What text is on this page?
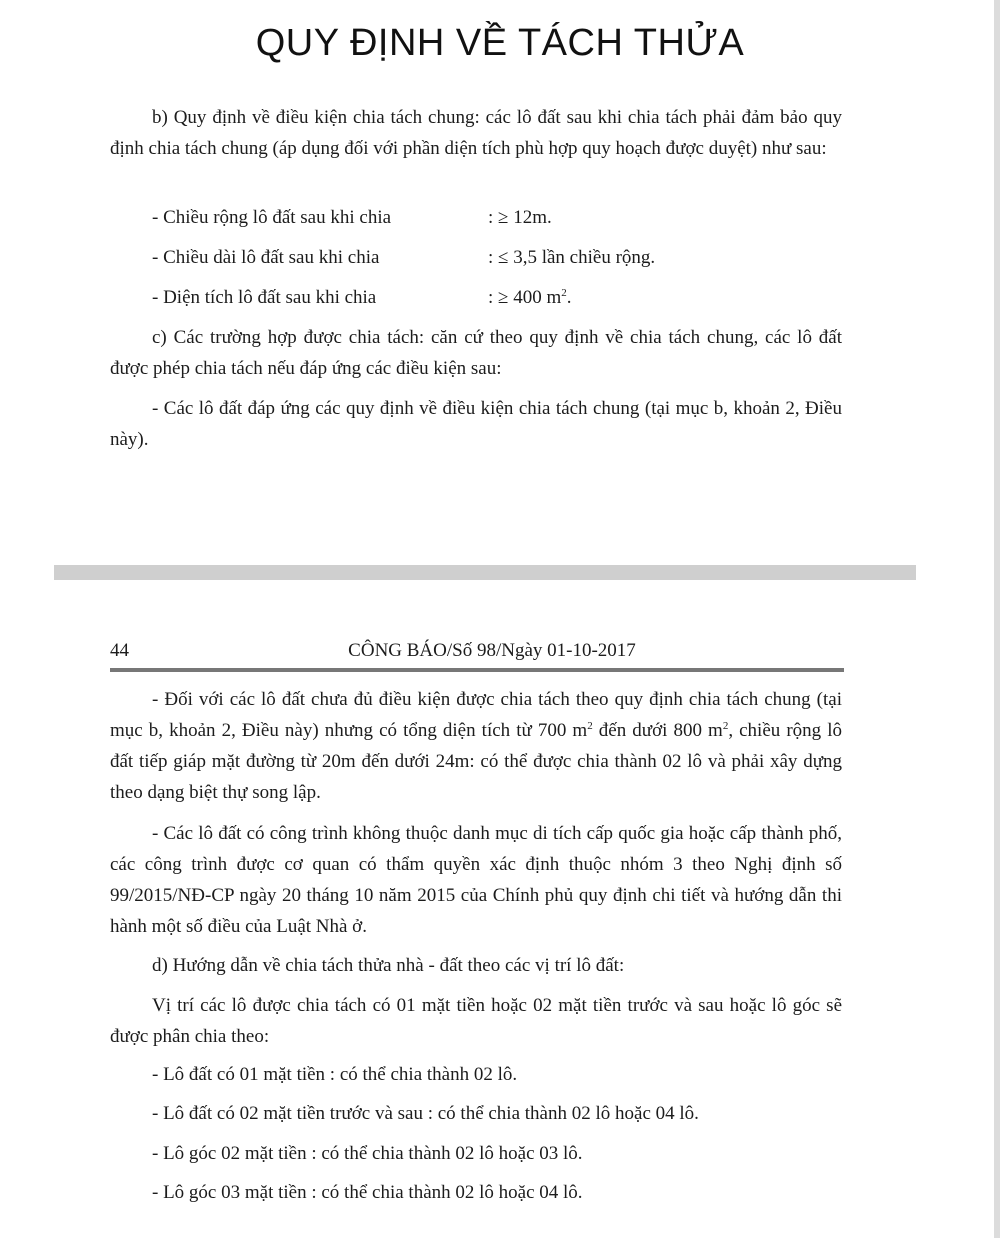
QUY ĐỊNH VỀ TÁCH THỬA

b) Quy định về điều kiện chia tách chung: các lô đất sau khi chia tách phải đảm bảo quy định chia tách chung (áp dụng đối với phần diện tích phù hợp quy hoạch được duyệt) như sau:

- Chiều rộng lô đất sau khi chia	: ≥ 12m.
- Chiều dài lô đất sau khi chia	: ≤ 3,5 lần chiều rộng.
- Diện tích lô đất sau khi chia	: ≥ 400 $m^2$.

c) Các trường hợp được chia tách: căn cứ theo quy định về chia tách chung, các lô đất được phép chia tách nếu đáp ứng các điều kiện sau:

- Các lô đất đáp ứng các quy định về điều kiện chia tách chung (tại mục b, khoản 2, Điều này).

44	CÔNG BÁO/Số 98/Ngày 01-10-2017

- Đối với các lô đất chưa đủ điều kiện được chia tách theo quy định chia tách chung (tại mục b, khoản 2, Điều này) nhưng có tổng diện tích từ 700 $m^2$ đến dưới 800 $m^2$, chiều rộng lô đất tiếp giáp mặt đường từ 20m đến dưới 24m: có thể được chia thành 02 lô và phải xây dựng theo dạng biệt thự song lập.

- Các lô đất có công trình không thuộc danh mục di tích cấp quốc gia hoặc cấp thành phố, các công trình được cơ quan có thẩm quyền xác định thuộc nhóm 3 theo Nghị định số 99/2015/NĐ-CP ngày 20 tháng 10 năm 2015 của Chính phủ quy định chi tiết và hướng dẫn thi hành một số điều của Luật Nhà ở.

d) Hướng dẫn về chia tách thửa nhà - đất theo các vị trí lô đất:

Vị trí các lô được chia tách có 01 mặt tiền hoặc 02 mặt tiền trước và sau hoặc lô góc sẽ được phân chia theo:

- Lô đất có 01 mặt tiền : có thể chia thành 02 lô.
- Lô đất có 02 mặt tiền trước và sau : có thể chia thành 02 lô hoặc 04 lô.
- Lô góc 02 mặt tiền : có thể chia thành 02 lô hoặc 03 lô.
- Lô góc 03 mặt tiền : có thể chia thành 02 lô hoặc 04 lô.
